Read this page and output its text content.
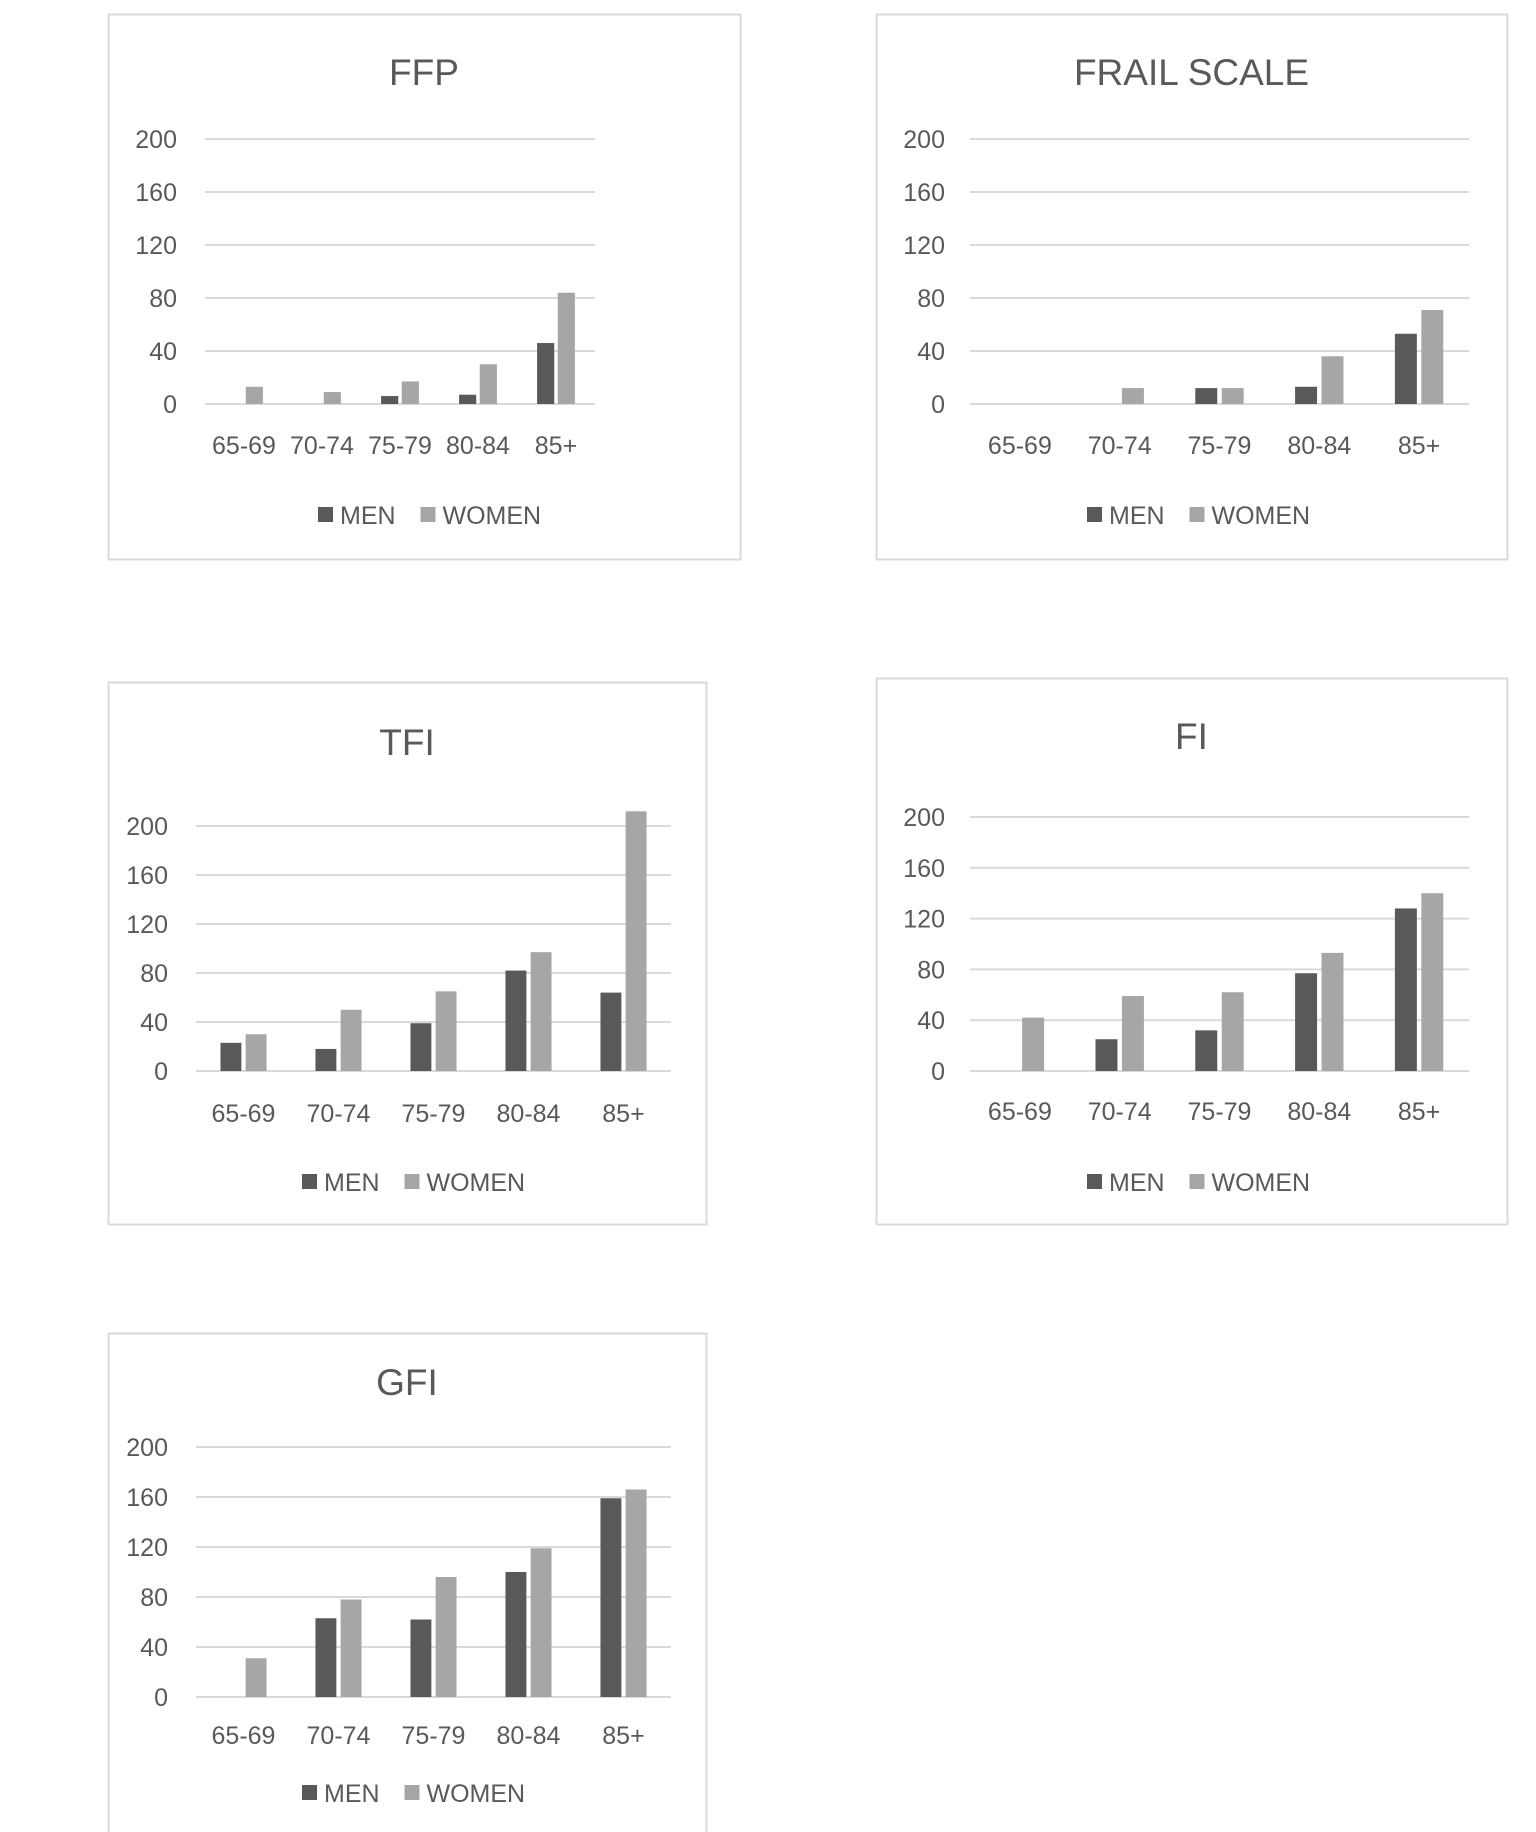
FFP
0
40
80
120
160
200
65-69 70-74 75-79 80-84 85+
MEN WOMEN
FRAIL SCALE
0
40
80
120
160
200
65-69 70-74 75-79 80-84 85+
MEN WOMEN
TFI
0
40
80
120
160
200
65-69 70-74 75-79 80-84 85+
MEN WOMEN
FI
0
40
80
120
160
200
65-69 70-74 75-79 80-84 85+
MEN WOMEN
GFI
0
40
80
120
160
200
65-69 70-74 75-79 80-84 85+
MEN WOMEN
